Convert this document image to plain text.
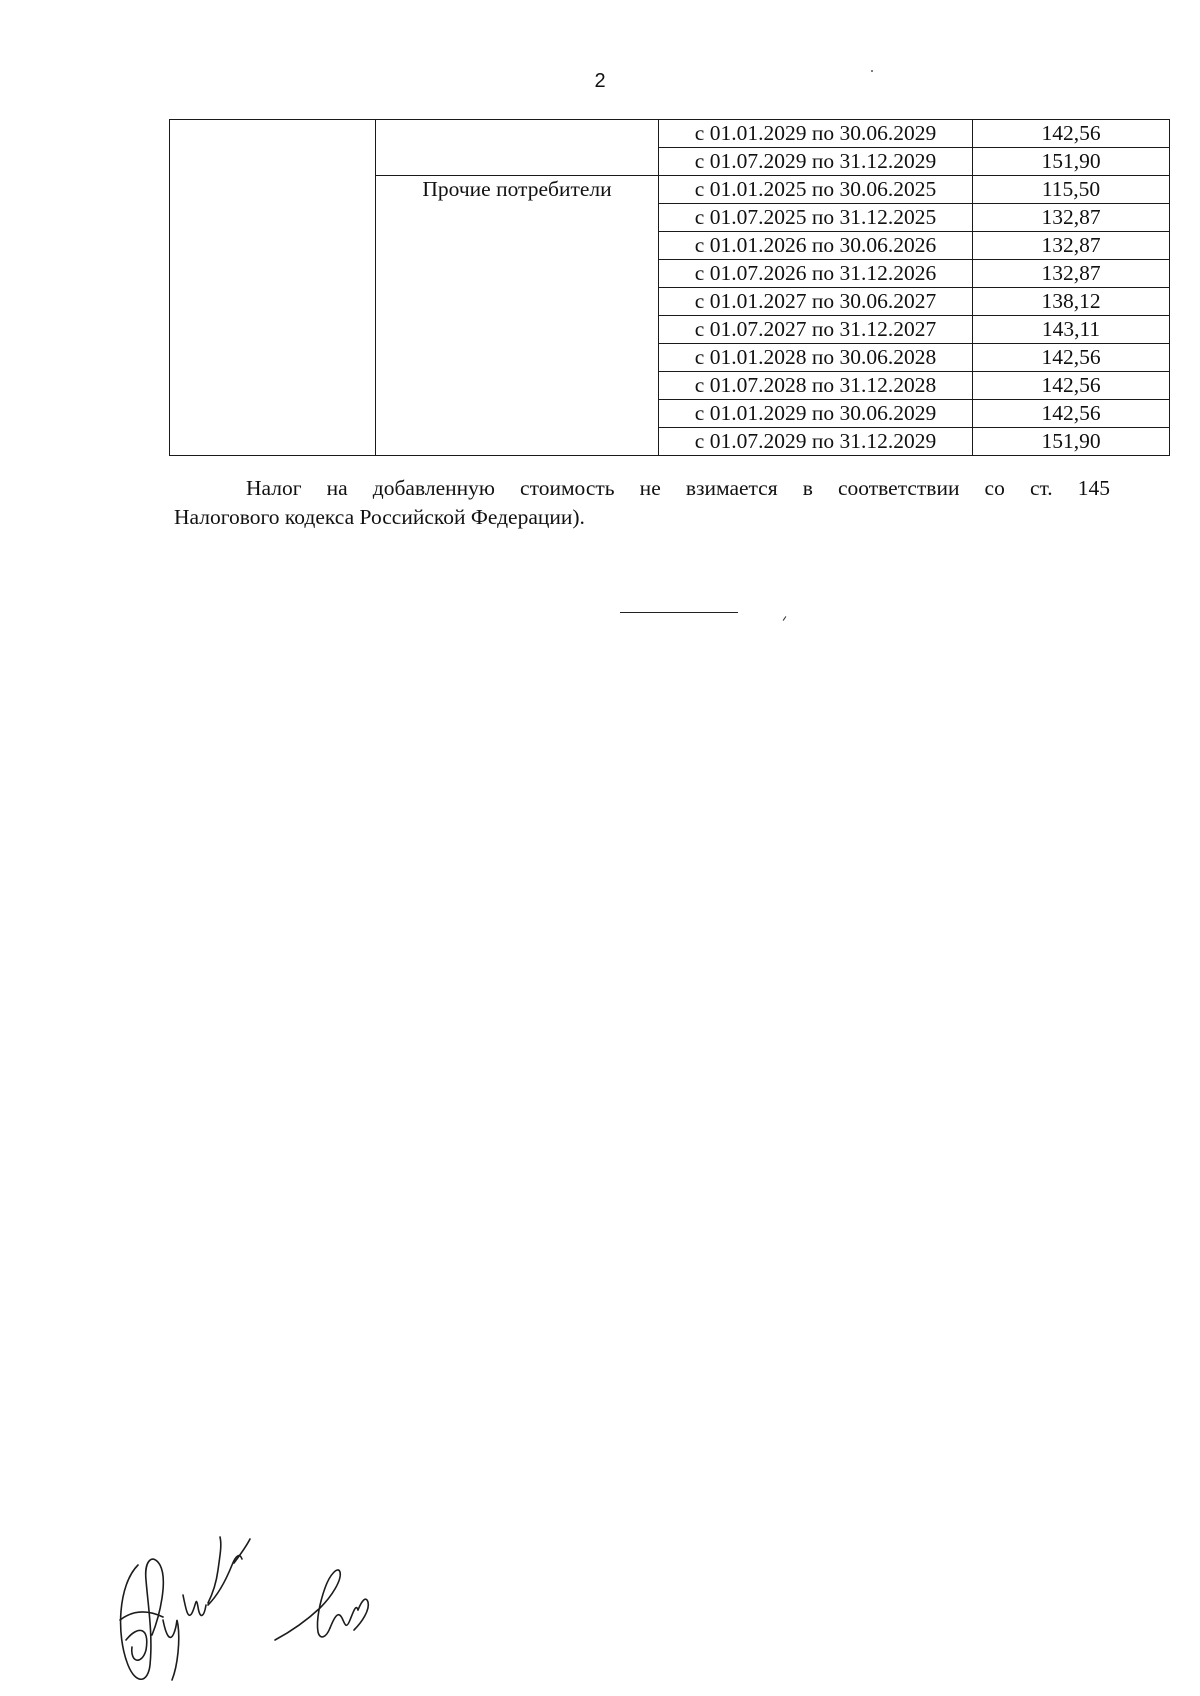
2
		с 01.01.2029 по 30.06.2029	142,56
		с 01.07.2029 по 31.12.2029	151,90
	Прочие потребители	с 01.01.2025 по 30.06.2025	115,50
		с 01.07.2025 по 31.12.2025	132,87
		с 01.01.2026 по 30.06.2026	132,87
		с 01.07.2026 по 31.12.2026	132,87
		с 01.01.2027 по 30.06.2027	138,12
		с 01.07.2027 по 31.12.2027	143,11
		с 01.01.2028 по 30.06.2028	142,56
		с 01.07.2028 по 31.12.2028	142,56
		с 01.01.2029 по 30.06.2029	142,56
		с 01.07.2029 по 31.12.2029	151,90
Налог на добавленную стоимость не взимается в соответствии со ст. 145
Налогового кодекса Российской Федерации).
